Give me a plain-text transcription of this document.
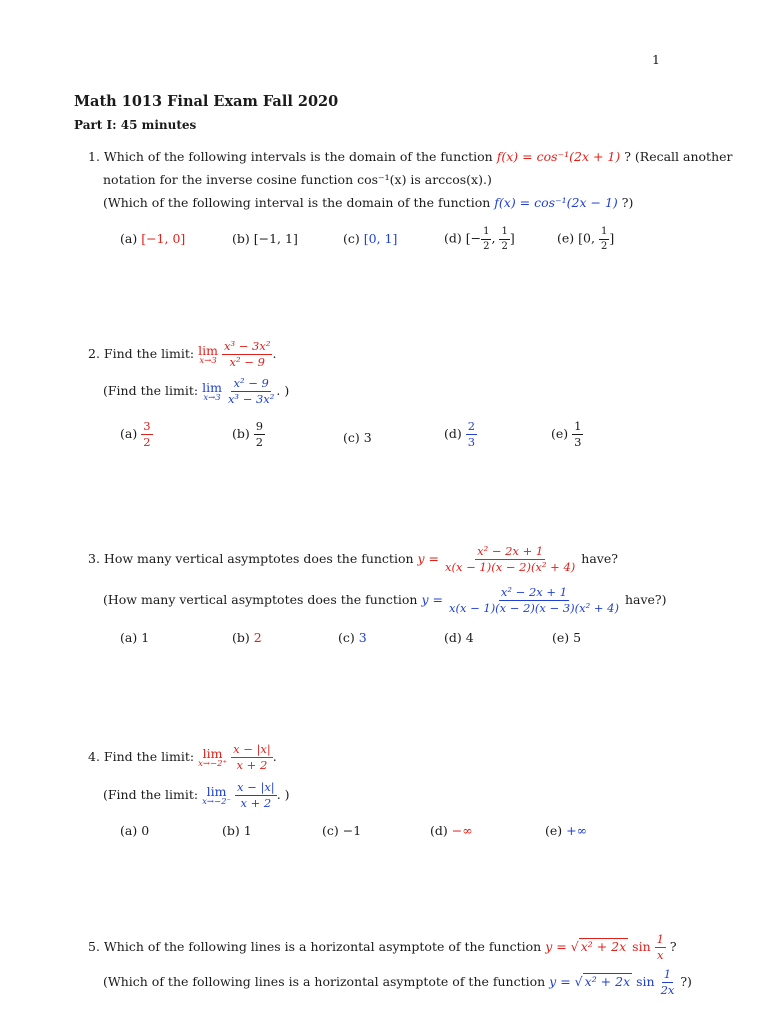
1
Math 1013 Final Exam Fall 2020
Part I: 45 minutes
1. Which of the following intervals is the domain of the function f(x) = cos⁻¹(2x + 1) ? (Recall another
notation for the inverse cosine function cos⁻¹(x) is arccos(x).)
(Which of the following interval is the domain of the function f(x) = cos⁻¹(2x − 1) ?)
(a) [−1, 0]	(b) [−1, 1]	(c) [0, 1]	(d) [− $\frac{1}{2}$ , $\frac{1}{2}$ ]	(e) [0, $\frac{1}{2}$ ]
2. Find the limit: lim
x→3
$\frac{\text{x³ − 3x²}}{\text{x² − 9}}$ .
(Find the limit: lim
x→3
$\frac{\text{x² − 9}}{\text{x³ − 3x²}}$ . )
$(a) \frac{3}{2}$	$(b) \frac{9}{2}$	(c) 3	$(d) \frac{2}{3}$	$(e) \frac{1}{3}$
3. How many vertical asymptotes does the function $y = \frac{\text{x² − 2x + 1}}{\text{x(x − 1)(x − 2)(x² + 4)}}$ have?
(How many vertical asymptotes does the function $y = \frac{\text{x² − 2x + 1}}{\text{x(x − 1)(x − 2)(x − 3)(x² + 4)}}$ have?)
(a) 1	(b) 2	(c) 3	(d) 4	(e) 5
4. Find the limit: lim
x→−2⁺
$\frac{x - |x|}{x + 2}$ .
(Find the limit: lim
x→−2⁻
$\frac{x - |x|}{x + 2}$ . )
(a) 0	(b) 1	(c) −1	(d) −∞	(e) +∞
5. Which of the following lines is a horizontal asymptote of the function y = √ x² + 2x $\sin \frac{1}{x}$ ?
(Which of the following lines is a horizontal asymptote of the function y = √ x² + 2x $\sin \frac{1}{2x}$ ?)
